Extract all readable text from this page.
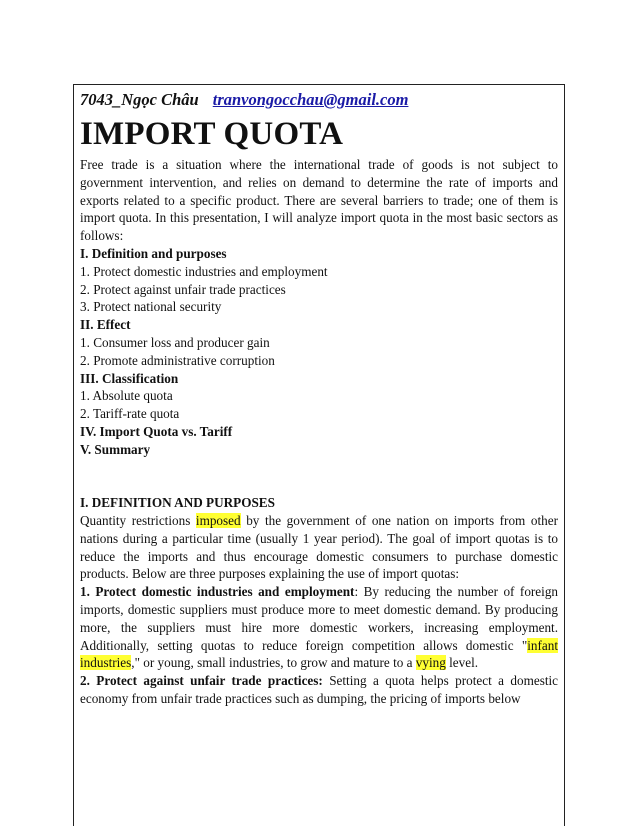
7043_Ngọc Châu tranvongocchau@gmail.com
IMPORT QUOTA

Free trade is a situation where the international trade of goods is not subject to government intervention, and relies on demand to determine the rate of imports and exports related to a specific product. There are several barriers to trade; one of them is import quota. In this presentation, I will analyze import quota in the most basic sectors as follows:

I. Definition and purposes
1. Protect domestic industries and employment
2. Protect against unfair trade practices
3. Protect national security
II. Effect
1. Consumer loss and producer gain
2. Promote administrative corruption
III. Classification
1. Absolute quota
2. Tariff-rate quota
IV. Import Quota vs. Tariff
V. Summary
I. DEFINITION AND PURPOSES

Quantity restrictions imposed by the government of one nation on imports from other nations during a particular time (usually 1 year period). The goal of import quotas is to reduce the imports and thus encourage domestic consumers to purchase domestic products. Below are three purposes explaining the use of import quotas:

1. Protect domestic industries and employment: By reducing the number of foreign imports, domestic suppliers must produce more to meet domestic demand. By producing more, the suppliers must hire more domestic workers, increasing employment. Additionally, setting quotas to reduce foreign competition allows domestic "infant industries," or young, small industries, to grow and mature to a vying level.

2. Protect against unfair trade practices: Setting a quota helps protect a domestic economy from unfair trade practices such as dumping, the pricing of imports below
